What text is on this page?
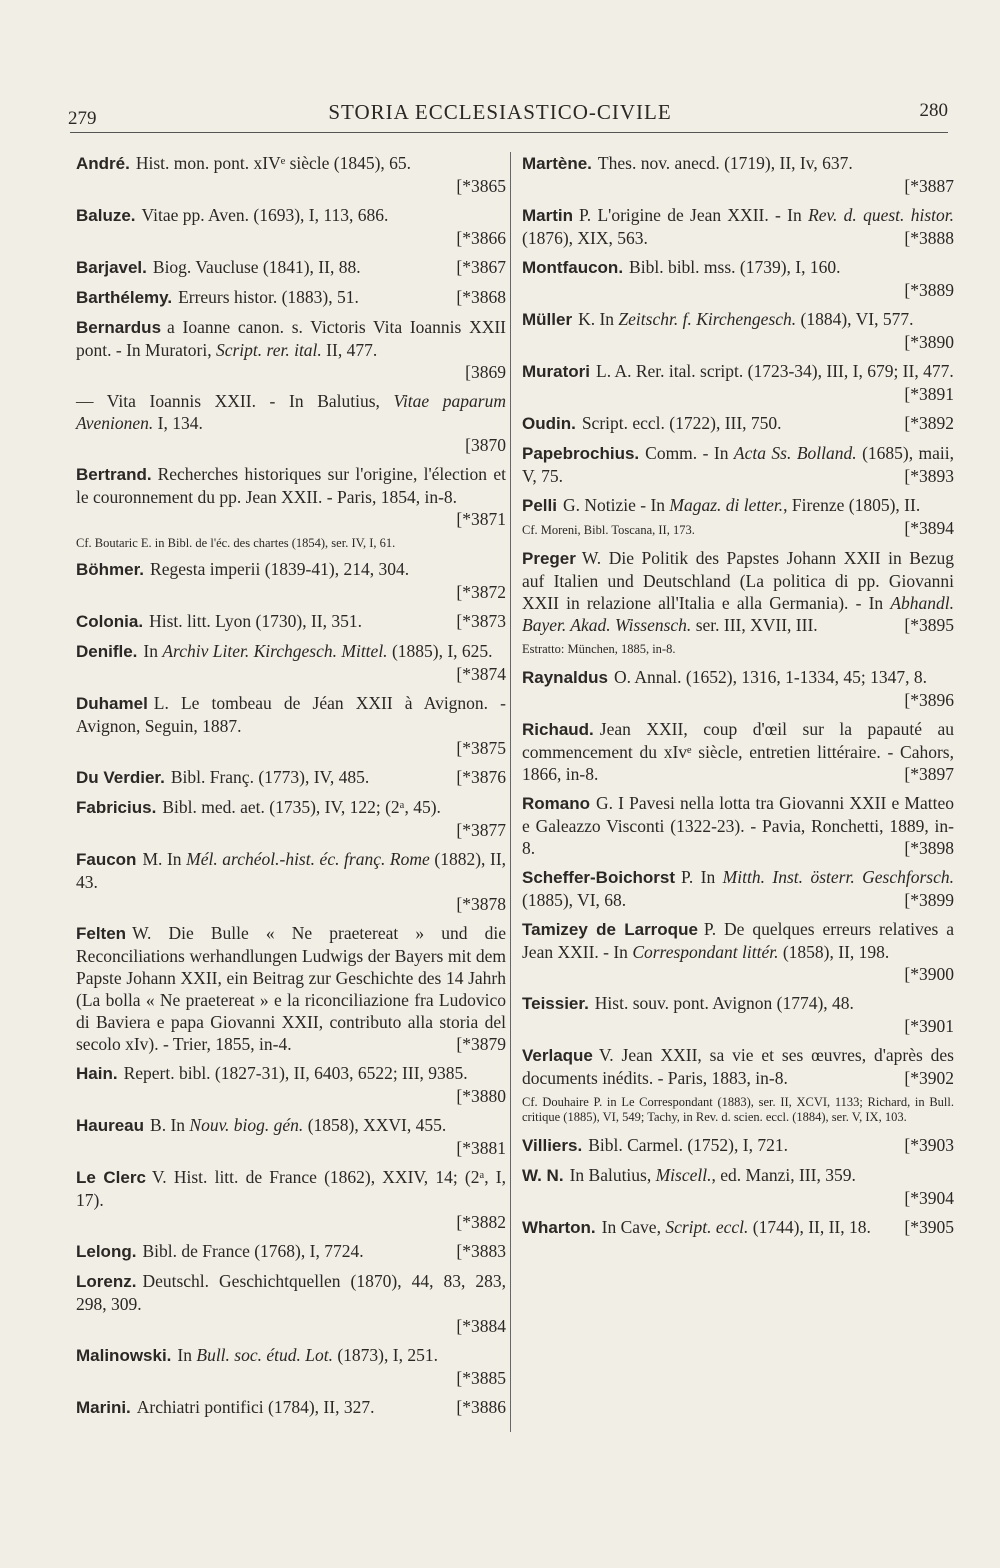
279	STORIA ECCLESIASTICO-CIVILE	280
André. Hist. mon. pont. xIVᵉ siècle (1845), 65.
[*3865
Baluze. Vitae pp. Aven. (1693), I, 113, 686.
[*3866
Barjavel. Biog. Vaucluse (1841), II, 88.	[*3867
Barthélemy. Erreurs histor. (1883), 51.	[*3868
Bernardus a Ioanne canon. s. Victoris Vita Ioannis XXII pont. - In Muratori, Script. rer. ital. II, 477.
[3869
— Vita Ioannis XXII. - In Balutius, Vitae paparum Avenionen. I, 134.
[3870
Bertrand. Recherches historiques sur l'origine, l'élection et le couronnement du pp. Jean XXII. - Paris, 1854, in-8.
[*3871
Cf. Boutaric E. in Bibl. de l'éc. des chartes (1854), ser. IV, I, 61.
Böhmer. Regesta imperii (1839-41), 214, 304.
[*3872
Colonia. Hist. litt. Lyon (1730), II, 351.	[*3873
Denifle. In Archiv Liter. Kirchgesch. Mittel. (1885), I, 625.
[*3874
Duhamel L. Le tombeau de Jéan XXII à Avignon. - Avignon, Seguin, 1887.
[*3875
Du Verdier. Bibl. Franç. (1773), IV, 485.	[*3876
Fabricius. Bibl. med. aet. (1735), IV, 122; (2ᵃ, 45).
[*3877
Faucon M. In Mél. archéol.-hist. éc. franç. Rome (1882), II, 43.
[*3878
Felten W. Die Bulle « Ne praetereat » und die Reconciliations werhandlungen Ludwigs der Bayers mit dem Papste Johann XXII, ein Beitrag zur Geschichte des 14 Jahrh (La bolla « Ne praetereat » e la riconciliazione fra Ludovico di Baviera e papa Giovanni XXII, contributo alla storia del secolo xIv). - Trier, 1855, in-4.	[*3879
Hain. Repert. bibl. (1827-31), II, 6403, 6522; III, 9385.
[*3880
Haureau B. In Nouv. biog. gén. (1858), XXVI, 455.
[*3881
Le Clerc V. Hist. litt. de France (1862), XXIV, 14; (2ᵃ, I, 17).
[*3882
Lelong. Bibl. de France (1768), I, 7724.	[*3883
Lorenz. Deutschl. Geschichtquellen (1870), 44, 83, 283, 298, 309.
[*3884
Malinowski. In Bull. soc. étud. Lot. (1873), I, 251.
[*3885
Marini. Archiatri pontifici (1784), II, 327.	[*3886
Martène. Thes. nov. anecd. (1719), II, Iv, 637.
[*3887
Martin P. L'origine de Jean XXII. - In Rev. d. quest. histor. (1876), XIX, 563.	[*3888
Montfaucon. Bibl. bibl. mss. (1739), I, 160.
[*3889
Müller K. In Zeitschr. f. Kirchengesch. (1884), VI, 577.
[*3890
Muratori L. A. Rer. ital. script. (1723-34), III, I, 679; II, 477.
[*3891
Oudin. Script. eccl. (1722), III, 750.	[*3892
Papebrochius. Comm. - In Acta Ss. Bolland. (1685), maii, V, 75.	[*3893
Pelli G. Notizie - In Magaz. di letter., Firenze (1805), II.
[*3894
Cf. Moreni, Bibl. Toscana, II, 173.
Preger W. Die Politik des Papstes Johann XXII in Bezug auf Italien und Deutschland (La politica di pp. Giovanni XXII in relazione all'Italia e alla Germania). - In Abhandl. Bayer. Akad. Wissensch. ser. III, XVII, III.	[*3895
Estratto: München, 1885, in-8.
Raynaldus O. Annal. (1652), 1316, 1-1334, 45; 1347, 8.
[*3896
Richaud. Jean XXII, coup d'œil sur la papauté au commencement du xIvᵉ siècle, entretien littéraire. - Cahors, 1866, in-8.	[*3897
Romano G. I Pavesi nella lotta tra Giovanni XXII e Matteo e Galeazzo Visconti (1322-23). - Pavia, Ronchetti, 1889, in-8.	[*3898
Scheffer-Boichorst P. In Mitth. Inst. österr. Geschforsch. (1885), VI, 68.	[*3899
Tamizey de Larroque P. De quelques erreurs relatives a Jean XXII. - In Correspondant littér. (1858), II, 198.
[*3900
Teissier. Hist. souv. pont. Avignon (1774), 48.
[*3901
Verlaque V. Jean XXII, sa vie et ses œuvres, d'après des documents inédits. - Paris, 1883, in-8.	[*3902
Cf. Douhaire P. in Le Correspondant (1883), ser. II, XCVI, 1133; Richard, in Bull. critique (1885), VI, 549; Tachy, in Rev. d. scien. eccl. (1884), ser. V, IX, 103.
Villiers. Bibl. Carmel. (1752), I, 721.	[*3903
W. N. In Balutius, Miscell., ed. Manzi, III, 359.
[*3904
Wharton. In Cave, Script. eccl. (1744), II, II, 18. [*3905
